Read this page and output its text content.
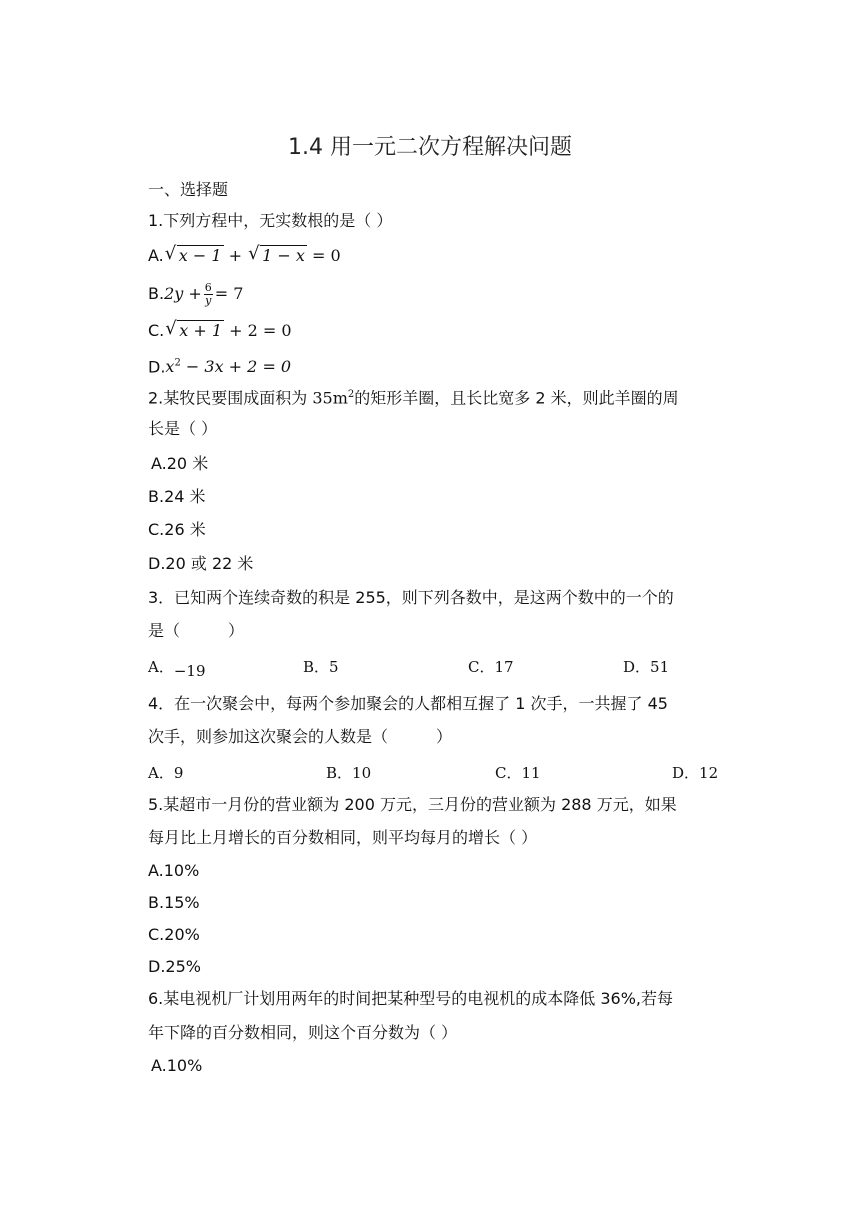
1.4 用一元二次方程解决问题
一、选择题
1.下列方程中，无实数根的是（ ）
A. √ x − 1 + √ 1 − x = 0
$B.2y + \frac{6}{y} = 7$
C. √ x + 1 + 2 = 0
$D.x^2 - 3x + 2 = 0$
2.某牧民要围成面积为 $35m^2$的矩形羊圈，且长比宽多 2 米，则此羊圈的周
长是（ ）
A.20 米
B.24 米
C.26 米
D.20 或 22 米
3．已知两个连续奇数的积是 255，则下列各数中，是这两个数中的一个的
是（　　　）
A．−19	B．5	C．17	D．51
4．在一次聚会中，每两个参加聚会的人都相互握了 1 次手，一共握了 45
次手，则参加这次聚会的人数是（　　　）
A．9	B．10	C．11	D．12
5.某超市一月份的营业额为 200 万元，三月份的营业额为 288 万元，如果
每月比上月增长的百分数相同，则平均每月的增长（ ）
A.10%
B.15%
C.20%
D.25%
6.某电视机厂计划用两年的时间把某种型号的电视机的成本降低 36%,若每
年下降的百分数相同，则这个百分数为（ ）
A.10%
